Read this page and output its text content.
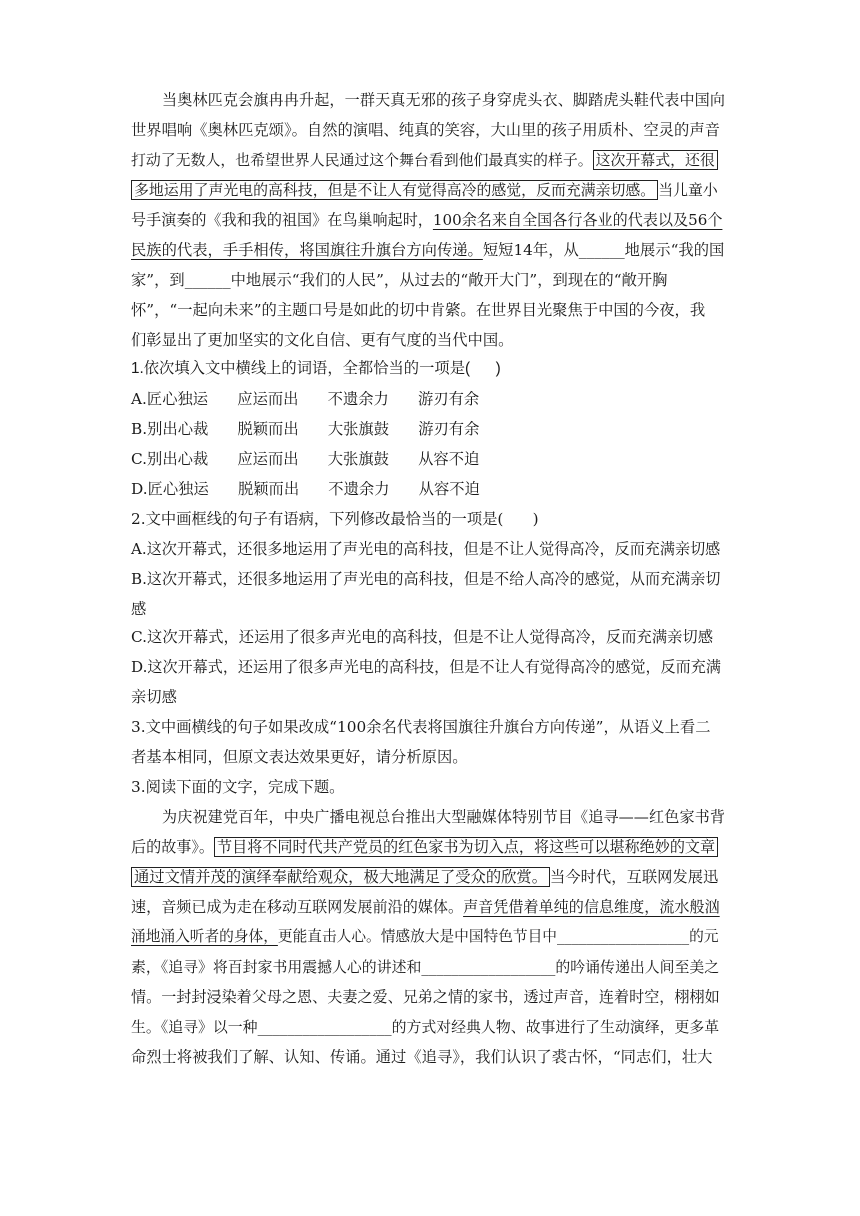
当奥林匹克会旗冉冉升起，一群天真无邪的孩子身穿虎头衣、脚踏虎头鞋代表中国向
世界唱响《奥林匹克颂》。自然的演唱、纯真的笑容，大山里的孩子用质朴、空灵的声音
打动了无数人，也希望世界人民通过这个舞台看到他们最真实的样子。 这次开幕式，还很
多地运用了声光电的高科技，但是不让人有觉得高冷的感觉，反而充满亲切感。 当儿童小
号手演奏的《我和我的祖国》在鸟巢响起时，100余名来自全国各行各业的代表以及56个
民族的代表，手手相传，将国旗往升旗台方向传递。短短14年，从______地展示“我的国
家”，到______中地展示“我们的人民”，从过去的“敞开大门”，到现在的“敞开胸
怀”，“一起向未来”的主题口号是如此的切中肯綮。在世界目光聚焦于中国的今夜，我
们彰显出了更加坚实的文化自信、更有气度的当代中国。
1.依次填入文中横线上的词语，全都恰当的一项是(      )
A.匠心独运      应运而出      不遗余力      游刃有余
B.别出心裁      脱颖而出      大张旗鼓      游刃有余
C.别出心裁      应运而出      大张旗鼓      从容不迫
D.匠心独运      脱颖而出      不遗余力      从容不迫
2.文中画框线的句子有语病，下列修改最恰当的一项是(      )
A.这次开幕式，还很多地运用了声光电的高科技，但是不让人觉得高冷，反而充满亲切感
B.这次开幕式，还很多地运用了声光电的高科技，但是不给人高冷的感觉，从而充满亲切
感
C.这次开幕式，还运用了很多声光电的高科技，但是不让人觉得高冷，反而充满亲切感
D.这次开幕式，还运用了很多声光电的高科技，但是不让人有觉得高冷的感觉，反而充满
亲切感
3.文中画横线的句子如果改成“100余名代表将国旗往升旗台方向传递”，从语义上看二
者基本相同，但原文表达效果更好，请分析原因。
3.阅读下面的文字，完成下题。
为庆祝建党百年，中央广播电视总台推出大型融媒体特别节目《追寻——红色家书背
后的故事》。 节目将不同时代共产党员的红色家书为切入点，将这些可以堪称绝妙的文章
通过文情并茂的演绎奉献给观众，极大地满足了受众的欣赏。 当今时代，互联网发展迅
速，音频已成为走在移动互联网发展前沿的媒体。声音凭借着单纯的信息维度，流水般汹
涌地涌入听者的身体，更能直击人心。情感放大是中国特色节目中__________________的元
素，《追寻》将百封家书用震撼人心的讲述和__________________的吟诵传递出人间至美之
情。一封封浸染着父母之恩、夫妻之爱、兄弟之情的家书，透过声音，连着时空，栩栩如
生。《追寻》以一种__________________的方式对经典人物、故事进行了生动演绎，更多革
命烈士将被我们了解、认知、传诵。通过《追寻》，我们认识了裘古怀，“同志们，壮大
